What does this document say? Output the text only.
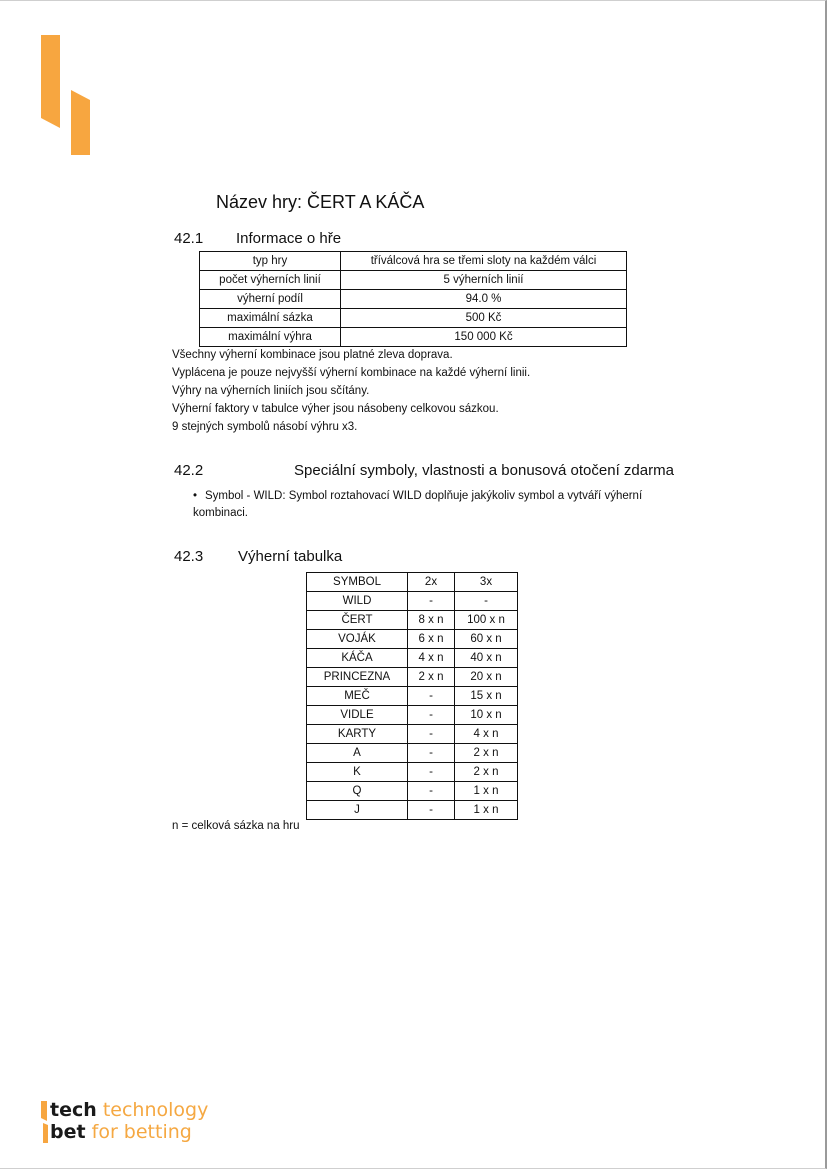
Název hry: ČERT A KÁČA
42.1 Informace o hře
typ hry	tříválcová hra se třemi sloty na každém válci
počet výherních linií	5 výherních linií
výherní podíl	94.0 %
maximální sázka	500 Kč
maximální výhra	150 000 Kč
Všechny výherní kombinace jsou platné zleva doprava.
Vyplácena je pouze nejvyšší výherní kombinace na každé výherní linii.
Výhry na výherních liniích jsou sčítány.
Výherní faktory v tabulce výher jsou násobeny celkovou sázkou.
9 stejných symbolů násobí výhru x3.
42.2	Speciální symboly, vlastnosti a bonusová otočení zdarma
• Symbol - WILD: Symbol roztahovací WILD doplňuje jakýkoliv symbol a vytváří výherní kombinaci.
42.3 Výherní tabulka
SYMBOL	2x	3x
WILD	-	-
ČERT	8 x n	100 x n
VOJÁK	6 x n	60 x n
KÁČA	4 x n	40 x n
PRINCEZNA	2 x n	20 x n
MEČ	-	15 x n
VIDLE	-	10 x n
KARTY	-	4 x n
A	-	2 x n
K	-	2 x n
Q	-	1 x n
J	-	1 x n
n = celková sázka na hru
tech technology
bet for betting
